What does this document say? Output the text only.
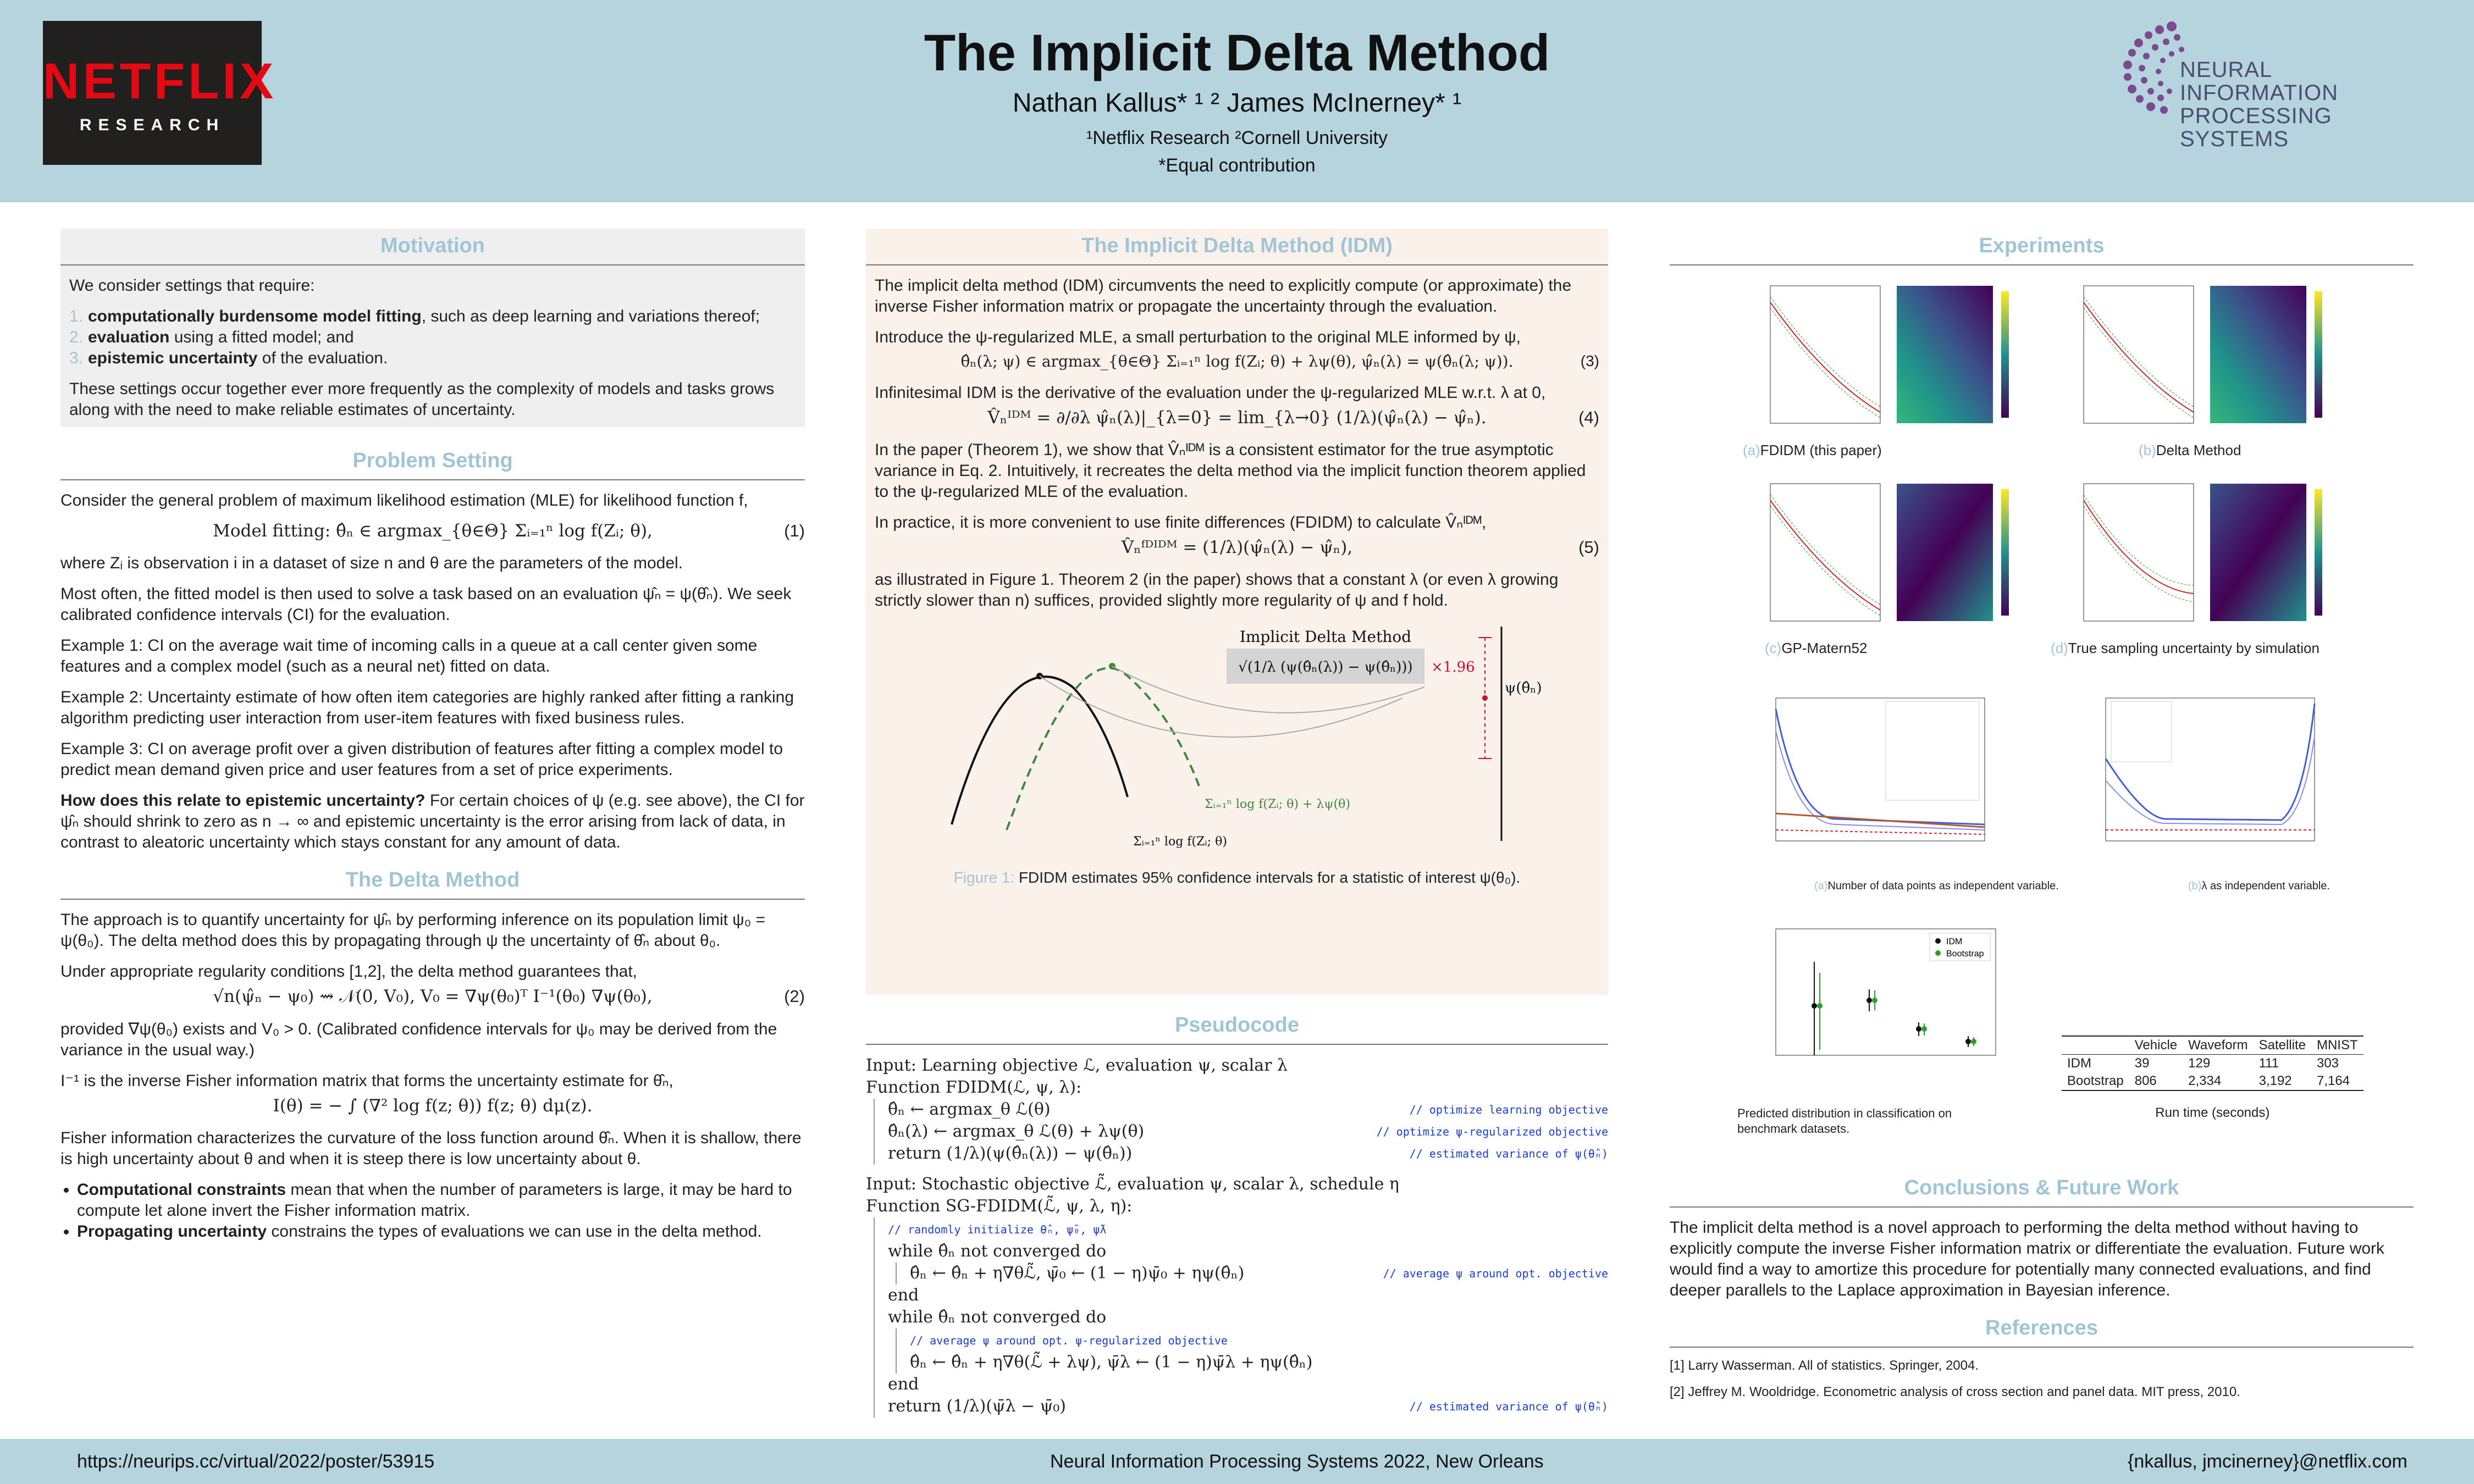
NETFLIX
RESEARCH
The Implicit Delta Method
Nathan Kallus* ¹ ² James McInerney* ¹
¹Netflix Research ²Cornell University
*Equal contribution
NEURAL INFORMATION
PROCESSING SYSTEMS
Motivation

We consider settings that require:

1. computationally burdensome model fitting, such as deep learning and variations thereof;
2. evaluation using a fitted model; and
3. epistemic uncertainty of the evaluation.

These settings occur together ever more frequently as the complexity of models and tasks grows along with the need to make reliable estimates of uncertainty.

Problem Setting

Consider the general problem of maximum likelihood estimation (MLE) for likelihood function f,

Model fitting: θ̂ₙ ∈ argmax_{θ∈Θ} Σᵢ₌₁ⁿ log f(Zᵢ; θ),	(1)

where Zᵢ is observation i in a dataset of size n and θ are the parameters of the model.

Most often, the fitted model is then used to solve a task based on an evaluation ψ̂ₙ = ψ(θ̂ₙ). We seek calibrated confidence intervals (CI) for the evaluation.

Example 1: CI on the average wait time of incoming calls in a queue at a call center given some features and a complex model (such as a neural net) fitted on data.

Example 2: Uncertainty estimate of how often item categories are highly ranked after fitting a ranking algorithm predicting user interaction from user-item features with fixed business rules.

Example 3: CI on average profit over a given distribution of features after fitting a complex model to predict mean demand given price and user features from a set of price experiments.

How does this relate to epistemic uncertainty? For certain choices of ψ (e.g. see above), the CI for ψ̂ₙ should shrink to zero as n → ∞ and epistemic uncertainty is the error arising from lack of data, in contrast to aleatoric uncertainty which stays constant for any amount of data.

The Delta Method

The approach is to quantify uncertainty for ψ̂ₙ by performing inference on its population limit ψ₀ = ψ(θ₀). The delta method does this by propagating through ψ the uncertainty of θ̂ₙ about θ₀.

Under appropriate regularity conditions [1,2], the delta method guarantees that,

√n(ψ̂ₙ − ψ₀) ⇝ 𝒩(0, V₀), V₀ = ∇ψ(θ₀)ᵀ I⁻¹(θ₀) ∇ψ(θ₀),	(2)

provided ∇ψ(θ₀) exists and V₀ > 0. (Calibrated confidence intervals for ψ₀ may be derived from the variance in the usual way.)

I⁻¹ is the inverse Fisher information matrix that forms the uncertainty estimate for θ̂ₙ,

I(θ) = − ∫ (∇² log f(z; θ)) f(z; θ) dμ(z).

Fisher information characterizes the curvature of the loss function around θ̂ₙ. When it is shallow, there is high uncertainty about θ and when it is steep there is low uncertainty about θ.

• Computational constraints mean that when the number of parameters is large, it may be hard to compute let alone invert the Fisher information matrix.
• Propagating uncertainty constrains the types of evaluations we can use in the delta method.
The Implicit Delta Method (IDM)

The implicit delta method (IDM) circumvents the need to explicitly compute (or approximate) the inverse Fisher information matrix or propagate the uncertainty through the evaluation.

Introduce the ψ-regularized MLE, a small perturbation to the original MLE informed by ψ,

θ̂ₙ(λ; ψ) ∈ argmax_{θ∈Θ} Σᵢ₌₁ⁿ log f(Zᵢ; θ) + λψ(θ), ψ̂ₙ(λ) = ψ(θ̂ₙ(λ; ψ)).	(3)

Infinitesimal IDM is the derivative of the evaluation under the ψ-regularized MLE w.r.t. λ at 0,

V̂ₙᴵᴰᴹ = ∂/∂λ ψ̂ₙ(λ)|_{λ=0} = lim_{λ→0} (1/λ)(ψ̂ₙ(λ) − ψ̂ₙ).	(4)

In the paper (Theorem 1), we show that V̂ₙᴵᴰᴹ is a consistent estimator for the true asymptotic variance in Eq. 2. Intuitively, it recreates the delta method via the implicit function theorem applied to the ψ-regularized MLE of the evaluation.

In practice, it is more convenient to use finite differences (FDIDM) to calculate V̂ₙᴵᴰᴹ,

V̂ₙᶠᴰᴵᴰᴹ = (1/λ)(ψ̂ₙ(λ) − ψ̂ₙ),	(5)

as illustrated in Figure 1. Theorem 2 (in the paper) shows that a constant λ (or even λ growing strictly slower than n) suffices, provided slightly more regularity of ψ and f hold.

Implicit Delta Method
√(1/λ (ψ(θ̂ₙ(λ)) − ψ(θ̂ₙ))) ×1.96
ψ(θ̂ₙ)
Σᵢ₌₁ⁿ log f(Zᵢ; θ) + λψ(θ)
Σᵢ₌₁ⁿ log f(Zᵢ; θ)
Figure 1: FDIDM estimates 95% confidence intervals for a statistic of interest ψ(θ₀).
Pseudocode
Input: Learning objective ℒ, evaluation ψ, scalar λ
Function FDIDM(ℒ, ψ, λ):
θ̂ₙ ← argmax_θ ℒ(θ)	// optimize learning objective
θ̂ₙ(λ) ← argmax_θ ℒ(θ) + λψ(θ)	// optimize ψ-regularized objective
return (1/λ)(ψ(θ̂ₙ(λ)) − ψ(θ̂ₙ))	// estimated variance of ψ(θ̂ₙ)
Input: Stochastic objective ℒ̃, evaluation ψ, scalar λ, schedule η
Function SG-FDIDM(ℒ̃, ψ, λ, η):
// randomly initialize θ̂ₙ, ψ̄₀, ψ̄λ
while θ̂ₙ not converged do
θ̂ₙ ← θ̂ₙ + η∇θℒ̃, ψ̄₀ ← (1 − η)ψ̄₀ + ηψ(θ̂ₙ)	// average ψ around opt. objective
end
while θ̂ₙ not converged do
// average ψ around opt. ψ-regularized objective
θ̂ₙ ← θ̂ₙ + η∇θ(ℒ̃ + λψ), ψ̄λ ← (1 − η)ψ̄λ + ηψ(θ̂ₙ)
end
return (1/λ)(ψ̄λ − ψ̄₀)	// estimated variance of ψ(θ̂ₙ)
Experiments
(a)FDIDM (this paper)	(b)Delta Method
(c)GP-Matern52	(d)True sampling uncertainty by simulation
(a)Number of data points as independent variable.	(b)λ as independent variable.
IDM
Bootstrap
Predicted distribution in classification on benchmark datasets.
	Vehicle	Waveform	Satellite	MNIST
IDM	39	129	111	303
Bootstrap	806	2,334	3,192	7,164
Run time (seconds)
Conclusions & Future Work

The implicit delta method is a novel approach to performing the delta method without having to explicitly compute the inverse Fisher information matrix or differentiate the evaluation. Future work would find a way to amortize this procedure for potentially many connected evaluations, and find deeper parallels to the Laplace approximation in Bayesian inference.

References

[1] Larry Wasserman. All of statistics. Springer, 2004.

[2] Jeffrey M. Wooldridge. Econometric analysis of cross section and panel data. MIT press, 2010.

https://neurips.cc/virtual/2022/poster/53915	Neural Information Processing Systems 2022, New Orleans	{nkallus, jmcinerney}@netflix.com
